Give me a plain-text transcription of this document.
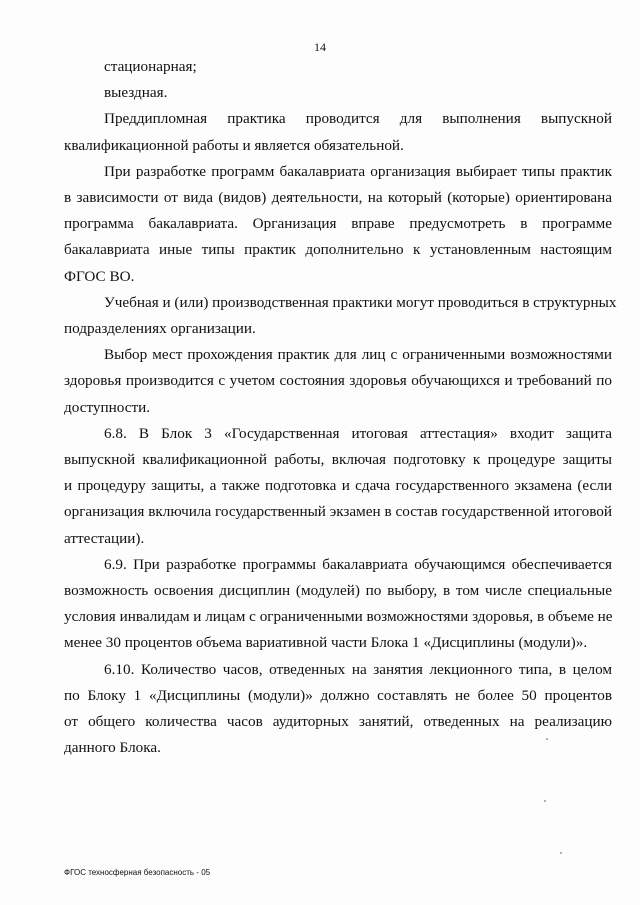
14

стационарная;

выездная.

Преддипломная практика проводится для выполнения выпускной

квалификационной работы и является обязательной.

При разработке программ бакалавриата организация выбирает типы практик

в зависимости от вида (видов) деятельности, на который (которые) ориентирована

программа бакалавриата. Организация вправе предусмотреть в программе

бакалавриата иные типы практик дополнительно к установленным настоящим

ФГОС ВО.

Учебная и (или) производственная практики могут проводиться в структурных

подразделениях организации.

Выбор мест прохождения практик для лиц с ограниченными возможностями

здоровья производится с учетом состояния здоровья обучающихся и требований по

доступности.

6.8. В Блок 3 «Государственная итоговая аттестация» входит защита

выпускной квалификационной работы, включая подготовку к процедуре защиты

и процедуру защиты, а также подготовка и сдача государственного экзамена (если

организация включила государственный экзамен в состав государственной итоговой

аттестации).

6.9. При разработке программы бакалавриата обучающимся обеспечивается

возможность освоения дисциплин (модулей) по выбору, в том числе специальные

условия инвалидам и лицам с ограниченными возможностями здоровья, в объеме не

менее 30 процентов объема вариативной части Блока 1 «Дисциплины (модули)».

6.10. Количество часов, отведенных на занятия лекционного типа, в целом

по Блоку 1 «Дисциплины (модули)» должно составлять не более 50 процентов

от общего количества часов аудиторных занятий, отведенных на реализацию

данного Блока.

ФГОС техносферная безопасность - 05
